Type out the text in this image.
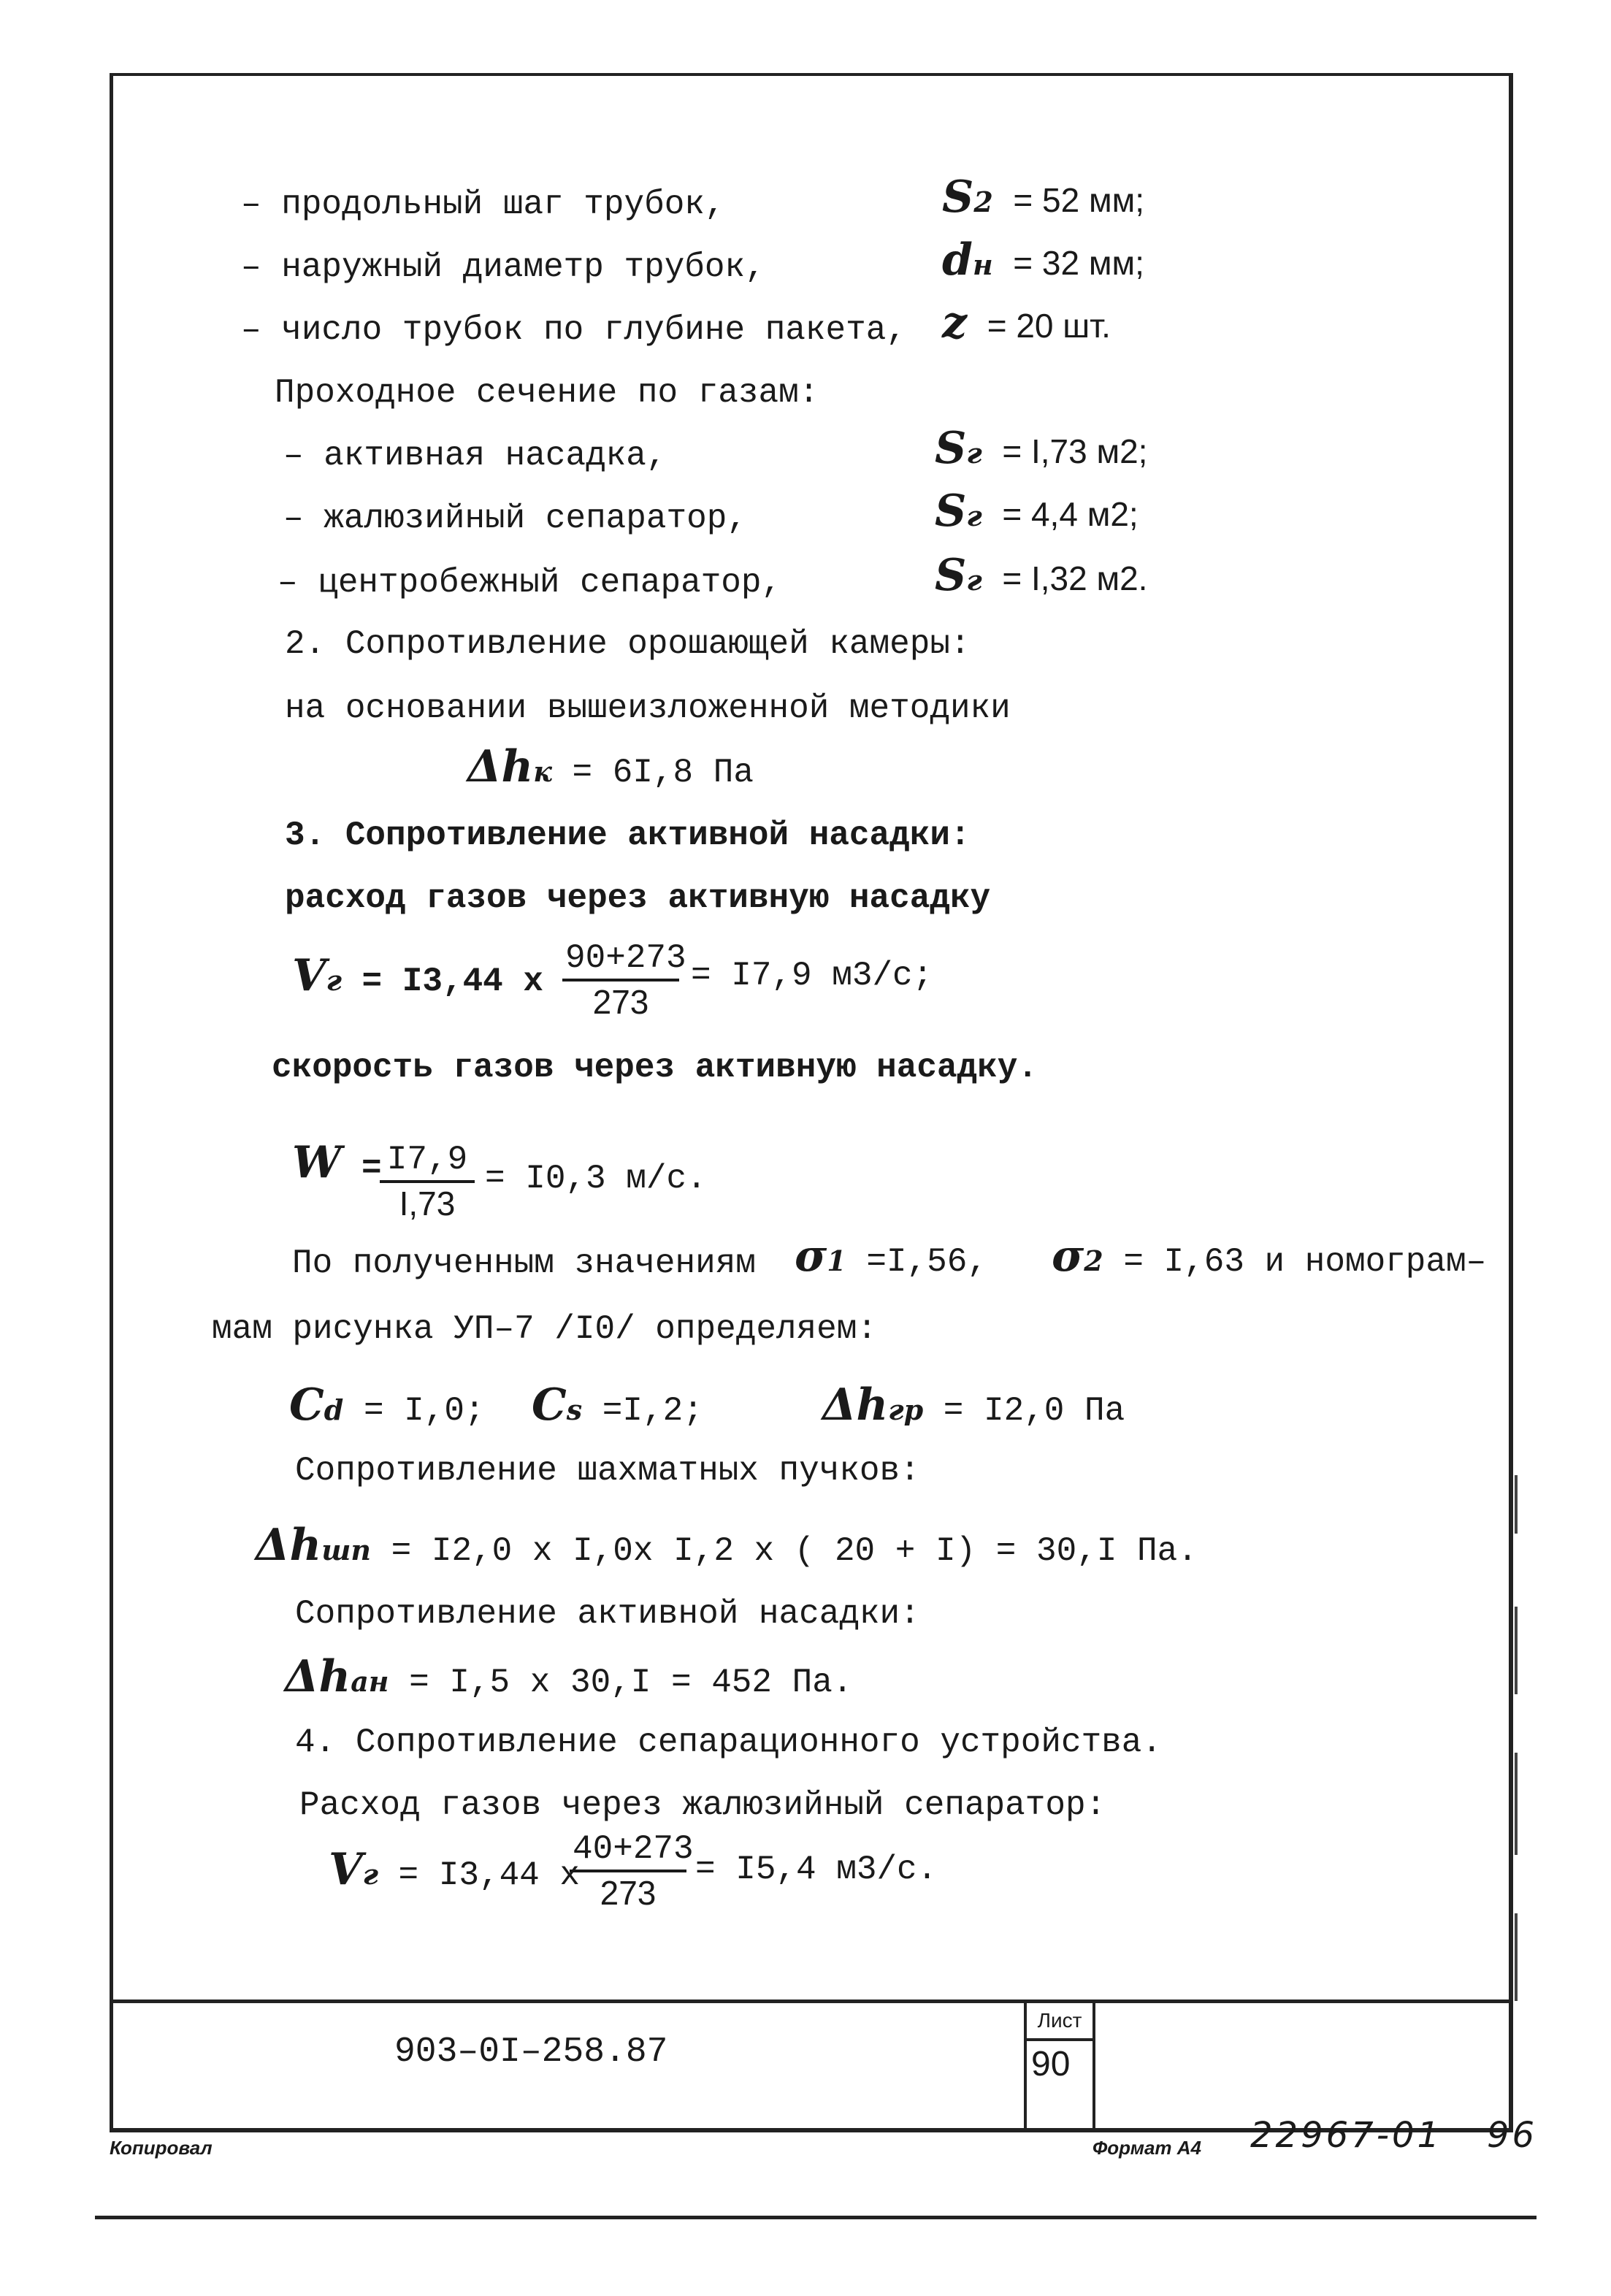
– продольный шаг трубок,	S2 = 52 мм;
– наружный диаметр трубок,	dн = 32 мм;
– число трубок по глубине пакета, z = 20 шт.
Проходное сечение по газам:
– активная насадка,	Sг = I,73 м2;
– жалюзийный сепаратор,	Sг = 4,4 м2;
– центробежный сепаратор,	Sг = I,32 м2.
2. Сопротивление орошающей камеры:
на основании вышеизложенной методики
Δhк = 6I,8 Па
3. Сопротивление активной насадки:
расход газов через активную насадку
Vг = I3,44 x $\frac{90+273}{273} = I7,9$ м3/с;
скорость газов через активную насадку.
W =
$\frac{I7,9}{I,73} = I0,3$ м/с.
По полученным значениям σ1 =I,56, σ2 = I,63 и номограм–
мам рисунка УП–7 /I0/ определяем:
Cd = I,0; Cs =I,2;	Δhгр = I2,0 Па
Сопротивление шахматных пучков:
Δhшп = I2,0 x I,0x I,2 x ( 20 + I) = 30,I Па.
Сопротивление активной насадки:
Δhан = I,5 x 30,I = 452 Па.
4. Сопротивление сепарационного устройства.
Расход газов через жалюзийный сепаратор:
Vг = I3,44 x
$\frac{40+273}{273} = I5,4$ м3/с.
903–0I–258.87
Лист
90
Копировал	Формат А4 22967-01 96
